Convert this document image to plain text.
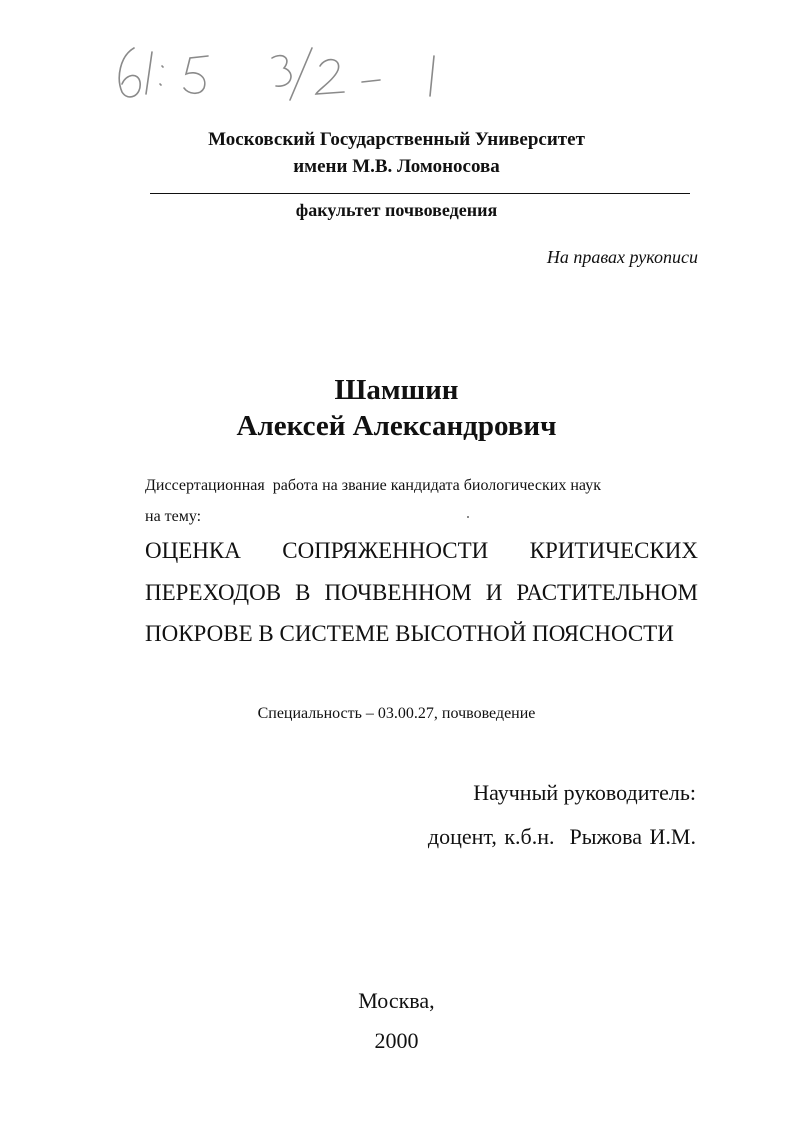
61:5/2-1
Московский Государственный Университет
имени М.В. Ломоносова
факультет почвоведения
На правах рукописи
Шамшин
Алексей Александрович
Диссертационная  работа на звание кандидата биологических наук
на тему:
ОЦЕНКА СОПРЯЖЕННОСТИ КРИТИЧЕСКИХ
ПЕРЕХОДОВ В ПОЧВЕННОМ И РАСТИТЕЛЬНОМ
ПОКРОВЕ В СИСТЕМЕ ВЫСОТНОЙ ПОЯСНОСТИ
Специальность – 03.00.27, почвоведение
Научный руководитель:
доцент, к.б.н.  Рыжова И.М.
Москва,
2000
